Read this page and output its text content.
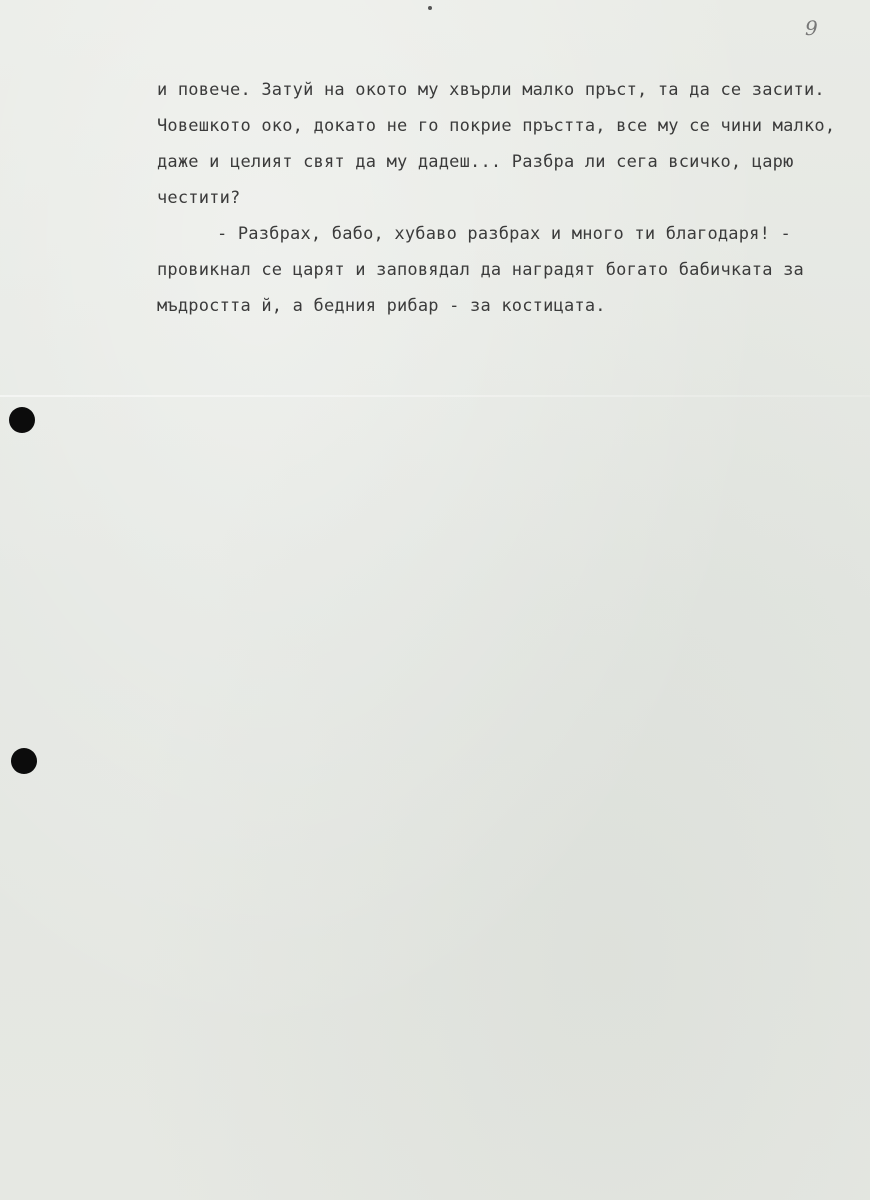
9
и повече. Затуй на окото му хвърли малко пръст, та да се засити.
Човешкото око, докато не го покрие пръстта, все му се чини малко,
даже и целият свят да му дадеш... Разбра ли сега всичко, царю
честити?
- Разбрах, бабо, хубаво разбрах и много ти благодаря! -
провикнал се царят и заповядал да наградят богато бабичката за
мъдростта й, а бедния рибар - за костицата.
